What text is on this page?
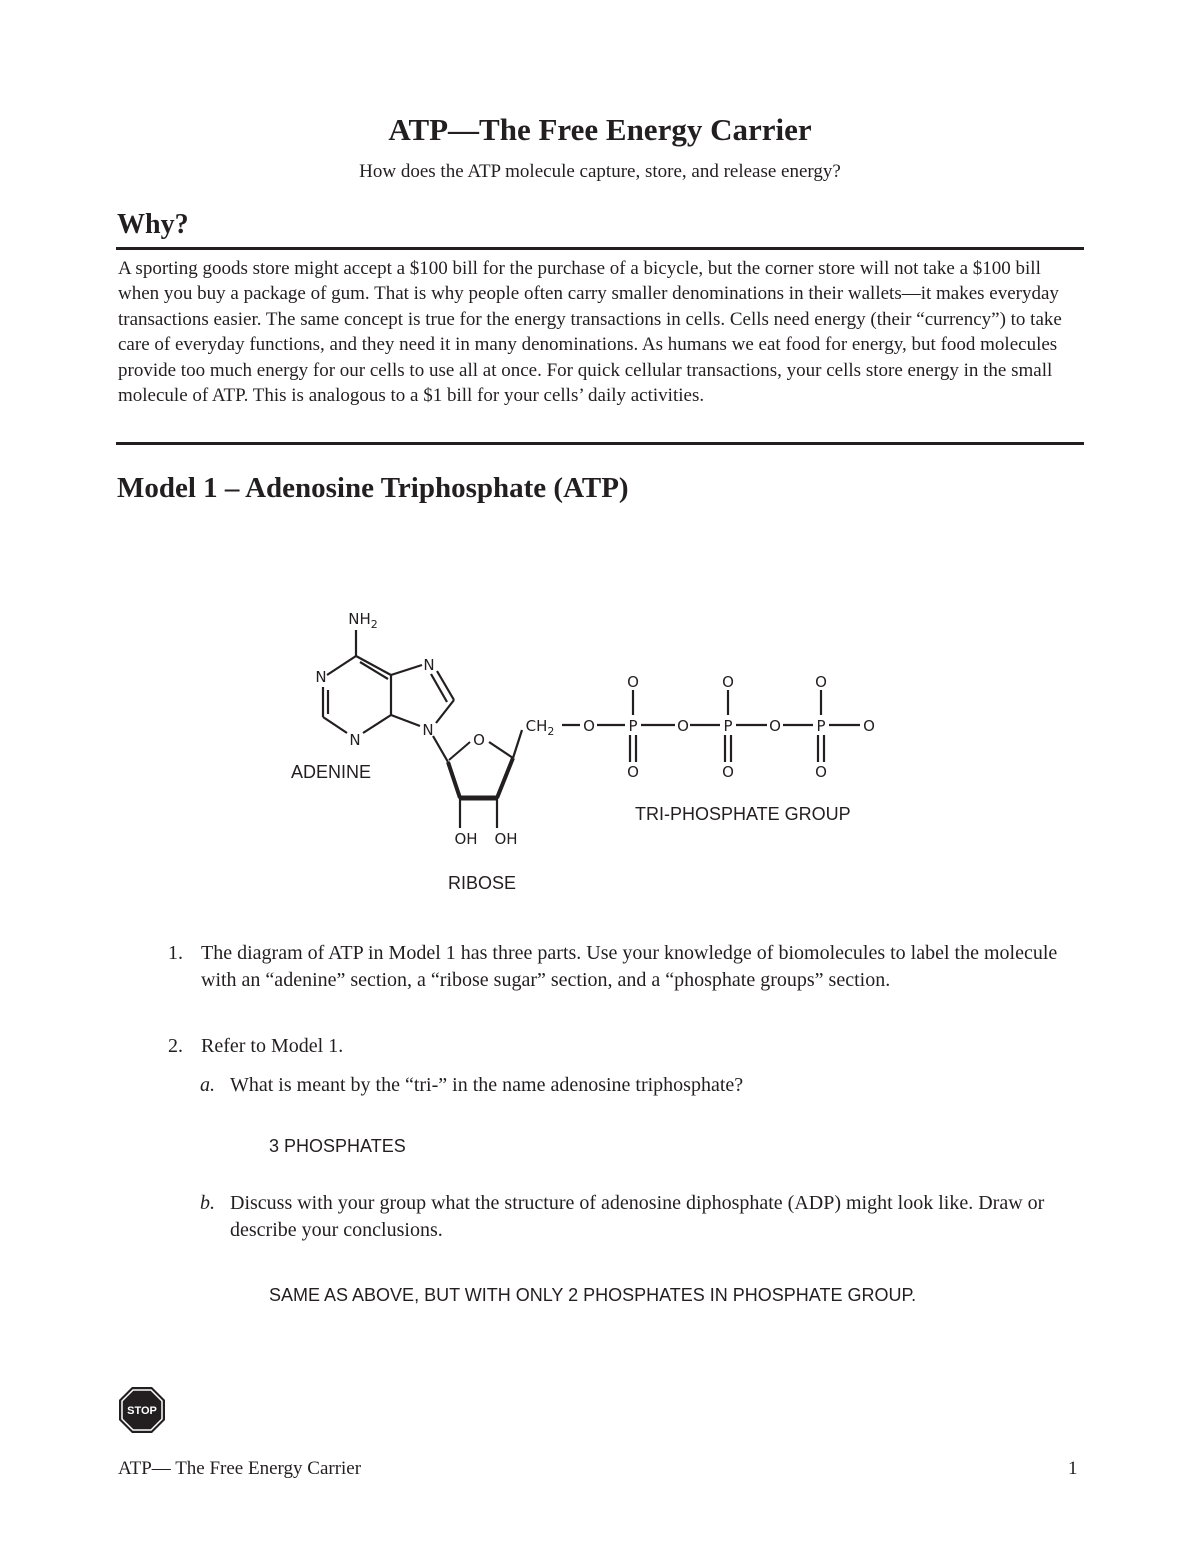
ATP—The Free Energy Carrier
How does the ATP molecule capture, store, and release energy?
Why?
A sporting goods store might accept a $100 bill for the purchase of a bicycle, but the corner store will not take a $100 bill when you buy a package of gum. That is why people often carry smaller denominations in their wallets—it makes everyday transactions easier. The same concept is true for the energy transactions in cells. Cells need energy (their “currency”) to take care of everyday functions, and they need it in many denominations. As humans we eat food for energy, but food molecules provide too much energy for our cells to use all at once. For quick cellular transactions, your cells store energy in the small molecule of ATP. This is analogous to a $1 bill for your cells’ daily activities.
Model 1 – Adenosine Triphosphate (ATP)
$NH_2$
N
N
N
N
O
$CH_2$ O P	O P O P	O
O	O	O
O	O	O
OH OH
ADENINE
RIBOSE
TRI-PHOSPHATE GROUP
1. The diagram of ATP in Model 1 has three parts. Use your knowledge of biomolecules to label the molecule with an “adenine” section, a “ribose sugar” section, and a “phosphate groups” section.
2. Refer to Model 1.
a. What is meant by the “tri-” in the name adenosine triphosphate?
3 PHOSPHATES
b. Discuss with your group what the structure of adenosine diphosphate (ADP) might look like. Draw or describe your conclusions.
SAME AS ABOVE, BUT WITH ONLY 2 PHOSPHATES IN PHOSPHATE GROUP.
STOP
ATP— The Free Energy Carrier	1
